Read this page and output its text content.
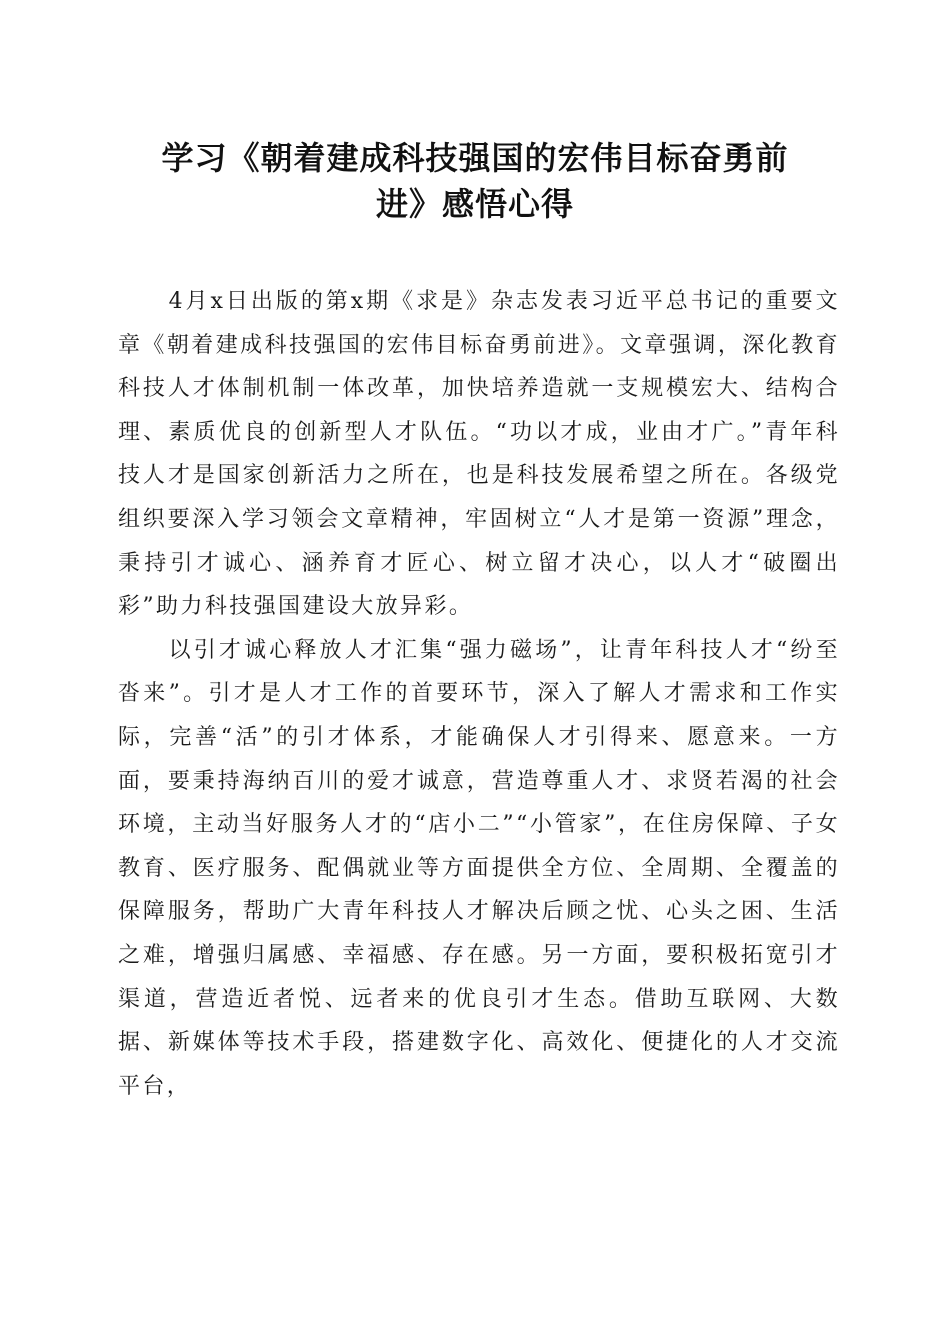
学习《朝着建成科技强国的宏伟目标奋勇前
进》感悟心得

4月x日出版的第x期《求是》杂志发表习近平总书记的重要文章《朝着建成科技强国的宏伟目标奋勇前进》。文章强调，深化教育科技人才体制机制一体改革，加快培养造就一支规模宏大、结构合理、素质优良的创新型人才队伍。“功以才成，业由才广。”青年科技人才是国家创新活力之所在，也是科技发展希望之所在。各级党组织要深入学习领会文章精神，牢固树立“人才是第一资源”理念，秉持引才诚心、涵养育才匠心、树立留才决心，以人才“破圈出彩”助力科技强国建设大放异彩。

以引才诚心释放人才汇集“强力磁场”，让青年科技人才“纷至沓来”。引才是人才工作的首要环节，深入了解人才需求和工作实际，完善“活”的引才体系，才能确保人才引得来、愿意来。一方面，要秉持海纳百川的爱才诚意，营造尊重人才、求贤若渴的社会环境，主动当好服务人才的“店小二”“小管家”，在住房保障、子女教育、医疗服务、配偶就业等方面提供全方位、全周期、全覆盖的保障服务，帮助广大青年科技人才解决后顾之忧、心头之困、生活之难，增强归属感、幸福感、存在感。另一方面，要积极拓宽引才渠道，营造近者悦、远者来的优良引才生态。借助互联网、大数据、新媒体等技术手段，搭建数字化、高效化、便捷化的人才交流平台，
